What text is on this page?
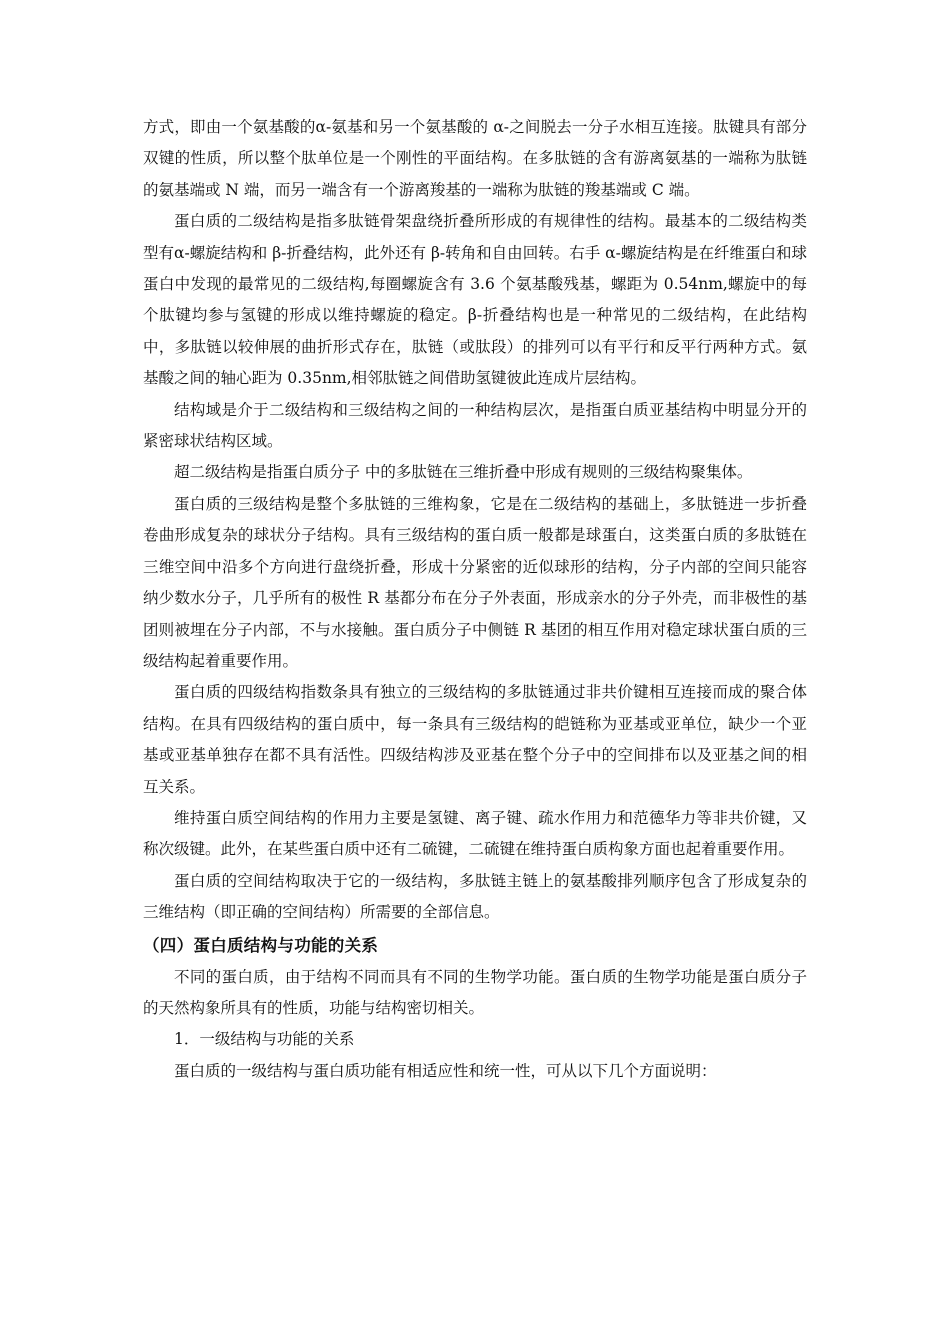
方式，即由一个氨基酸的α-氨基和另一个氨基酸的 α-之间脱去一分子水相互连接。肽键具有部分双键的性质，所以整个肽单位是一个刚性的平面结构。在多肽链的含有游离氨基的一端称为肽链的氨基端或 N 端，而另一端含有一个游离羧基的一端称为肽链的羧基端或 C 端。

蛋白质的二级结构是指多肽链骨架盘绕折叠所形成的有规律性的结构。最基本的二级结构类型有α-螺旋结构和 β-折叠结构，此外还有 β-转角和自由回转。右手 α-螺旋结构是在纤维蛋白和球蛋白中发现的最常见的二级结构,每圈螺旋含有 3.6 个氨基酸残基，螺距为 0.54nm,螺旋中的每个肽键均参与氢键的形成以维持螺旋的稳定。β-折叠结构也是一种常见的二级结构，在此结构中，多肽链以较伸展的曲折形式存在，肽链（或肽段）的排列可以有平行和反平行两种方式。氨基酸之间的轴心距为 0.35nm,相邻肽链之间借助氢键彼此连成片层结构。

结构域是介于二级结构和三级结构之间的一种结构层次，是指蛋白质亚基结构中明显分开的紧密球状结构区域。

超二级结构是指蛋白质分子 中的多肽链在三维折叠中形成有规则的三级结构聚集体。

蛋白质的三级结构是整个多肽链的三维构象，它是在二级结构的基础上，多肽链进一步折叠卷曲形成复杂的球状分子结构。具有三级结构的蛋白质一般都是球蛋白，这类蛋白质的多肽链在三维空间中沿多个方向进行盘绕折叠，形成十分紧密的近似球形的结构，分子内部的空间只能容纳少数水分子，几乎所有的极性 R 基都分布在分子外表面，形成亲水的分子外壳，而非极性的基团则被埋在分子内部，不与水接触。蛋白质分子中侧链 R 基团的相互作用对稳定球状蛋白质的三级结构起着重要作用。

蛋白质的四级结构指数条具有独立的三级结构的多肽链通过非共价键相互连接而成的聚合体结构。在具有四级结构的蛋白质中，每一条具有三级结构的皑链称为亚基或亚单位，缺少一个亚基或亚基单独存在都不具有活性。四级结构涉及亚基在整个分子中的空间排布以及亚基之间的相互关系。

维持蛋白质空间结构的作用力主要是氢键、离子键、疏水作用力和范德华力等非共价键，又称次级键。此外，在某些蛋白质中还有二硫键，二硫键在维持蛋白质构象方面也起着重要作用。

蛋白质的空间结构取决于它的一级结构，多肽链主链上的氨基酸排列顺序包含了形成复杂的三维结构（即正确的空间结构）所需要的全部信息。

（四）蛋白质结构与功能的关系

不同的蛋白质，由于结构不同而具有不同的生物学功能。蛋白质的生物学功能是蛋白质分子的天然构象所具有的性质，功能与结构密切相关。

1．一级结构与功能的关系

蛋白质的一级结构与蛋白质功能有相适应性和统一性，可从以下几个方面说明：
